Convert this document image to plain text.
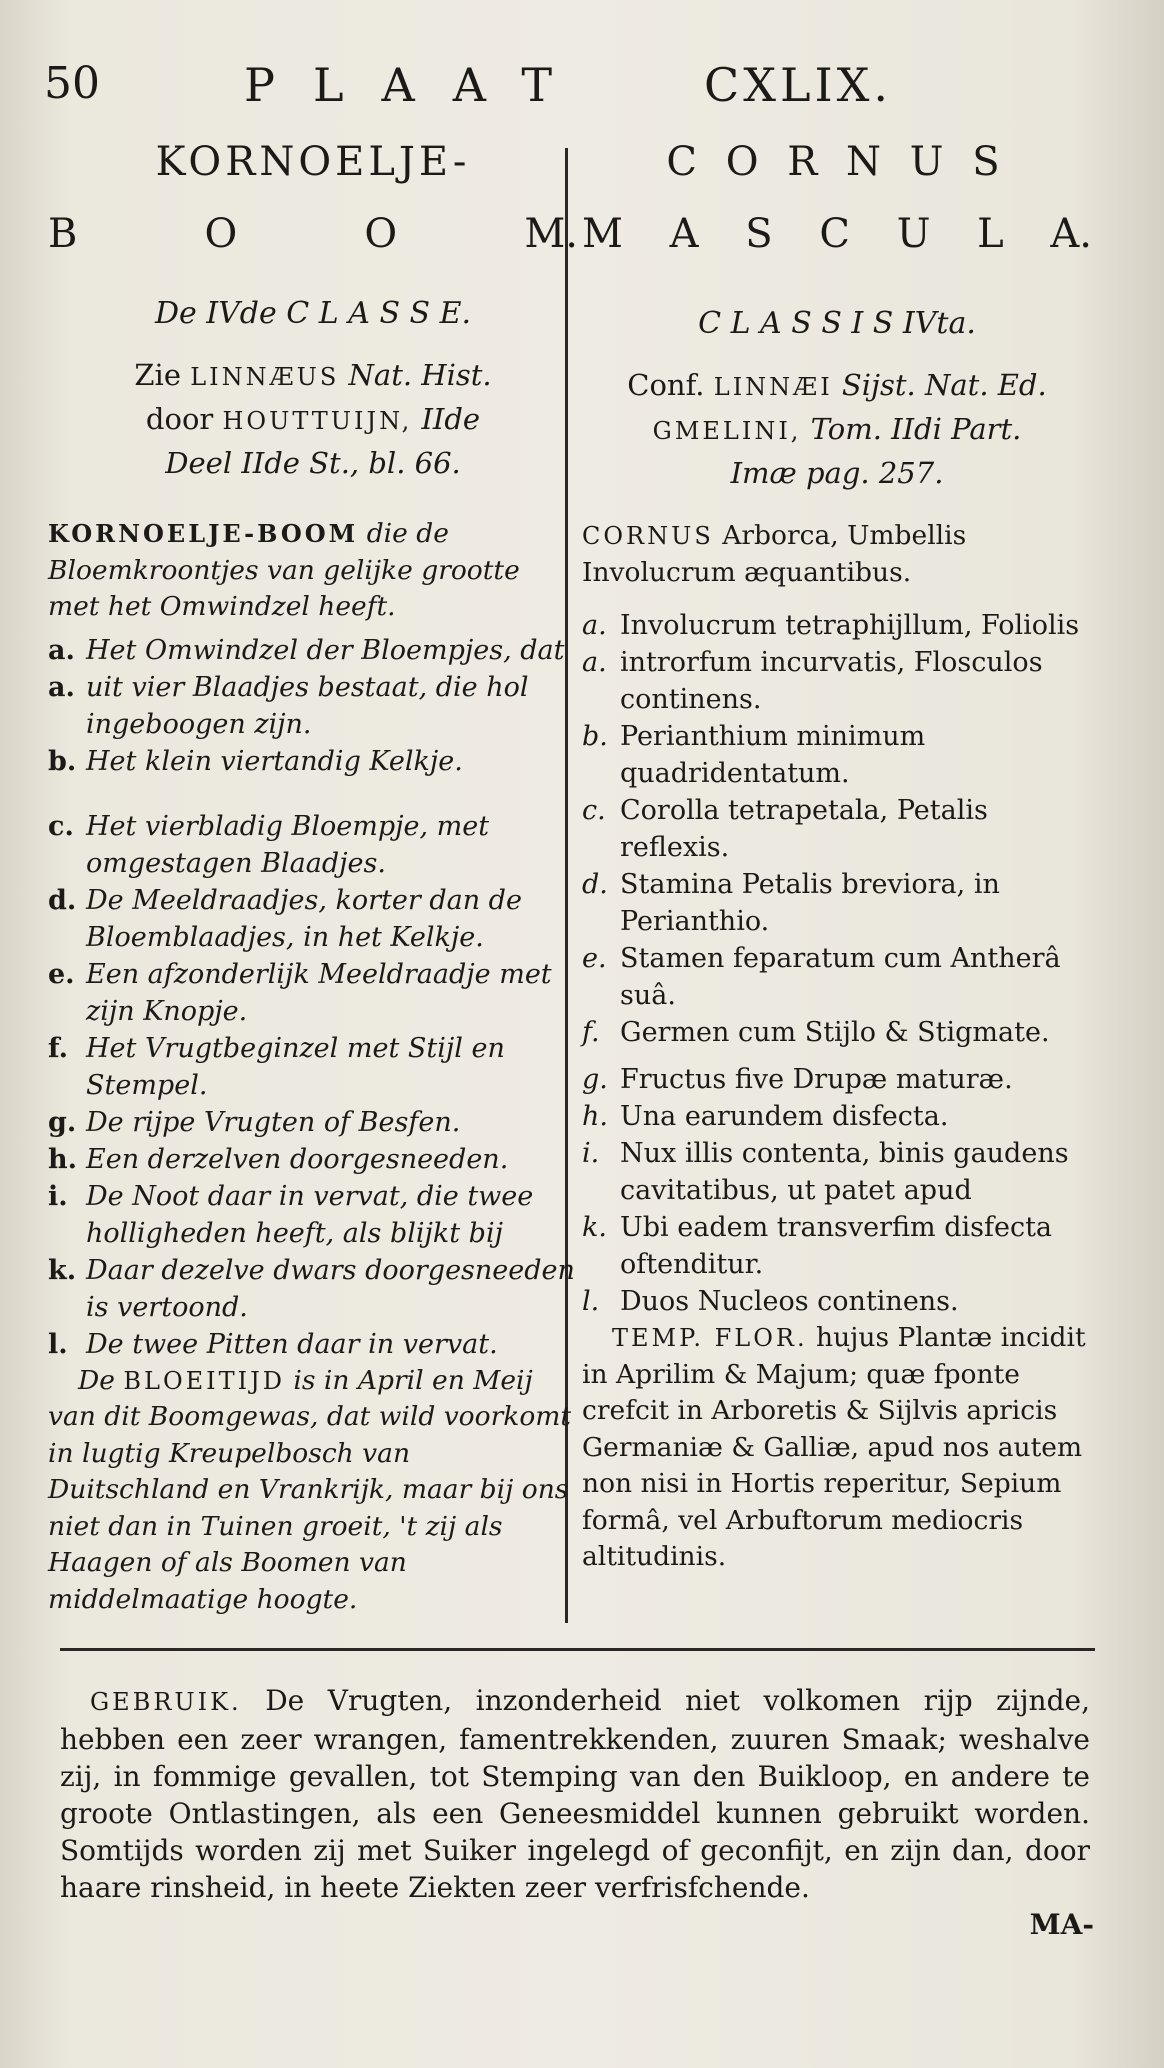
50	PLAAT CXLIX.
KORNOELJE-
B	O	O	M.
De IVde C L A S S E.
Zie LINNÆUS Nat. Hist.
door HOUTTUIJN, IIde
Deel IIde St., bl. 66.
KORNOELJE-BOOM die de Bloemkroontjes van gelijke grootte met het Omwindzel heeft.
a. a.
Het Omwindzel der Bloempjes, dat uit vier Blaadjes bestaat, die hol ingeboogen zijn.
b. Het klein viertandig Kelkje.
c. Het vierbladig Bloempje, met omgestagen Blaadjes.
d. De Meeldraadjes, korter dan de Bloemblaadjes, in het Kelkje.
e. Een afzonderlijk Meeldraadje met zijn Knopje.
f. Het Vrugtbeginzel met Stijl en Stempel.
g. De rijpe Vrugten of Besfen.
h. Een derzelven doorgesneeden.
i. De Noot daar in vervat, die twee holligheden heeft, als blijkt bij
k. Daar dezelve dwars doorgesneeden is vertoond.
l. De twee Pitten daar in vervat.
De BLOEITIJD is in April en Meij van dit Boomgewas, dat wild voorkomt in lugtig Kreupelbosch van Duitschland en Vrankrijk, maar bij ons niet dan in Tuinen groeit, 't zij als Haagen of als Boomen van middelmaatige hoogte.
C O R N U S
M A S C U L A.
C L A S S I S IVta.
Conf. LINNÆI Sijst. Nat. Ed.
GMELINI, Tom. IIdi Part.
Imæ pag. 257.
CORNUS Arborca, Umbellis Involucrum æquantibus.
a. a.
Involucrum tetraphijllum, Foliolis introrfum incurvatis, Flosculos continens.
b. Perianthium minimum quadridentatum.
c. Corolla tetrapetala, Petalis reflexis.
d. Stamina Petalis breviora, in Perianthio.
e. Stamen feparatum cum Antherâ suâ.
f. Germen cum Stijlo & Stigmate.
g. Fructus five Drupæ maturæ.
h. Una earundem disfecta.
i. Nux illis contenta, binis gaudens cavitatibus, ut patet apud
k. Ubi eadem transverfim disfecta oftenditur.
l. Duos Nucleos continens.
TEMP. FLOR. hujus Plantæ incidit in Aprilim & Majum; quæ fponte crefcit in Arboretis & Sijlvis apricis Germaniæ & Galliæ, apud nos autem non nisi in Hortis reperitur, Sepium formâ, vel Arbuftorum mediocris altitudinis.
GEBRUIK. De Vrugten, inzonderheid niet volkomen rijp zijnde, hebben een zeer wrangen, famentrekkenden, zuuren Smaak; weshalve zij, in fommige gevallen, tot Stemping van den Buikloop, en andere te groote Ontlastingen, als een Geneesmiddel kunnen gebruikt worden. Somtijds worden zij met Suiker ingelegd of geconfijt, en zijn dan, door haare rinsheid, in heete Ziekten zeer verfrisfchende.
MA-
